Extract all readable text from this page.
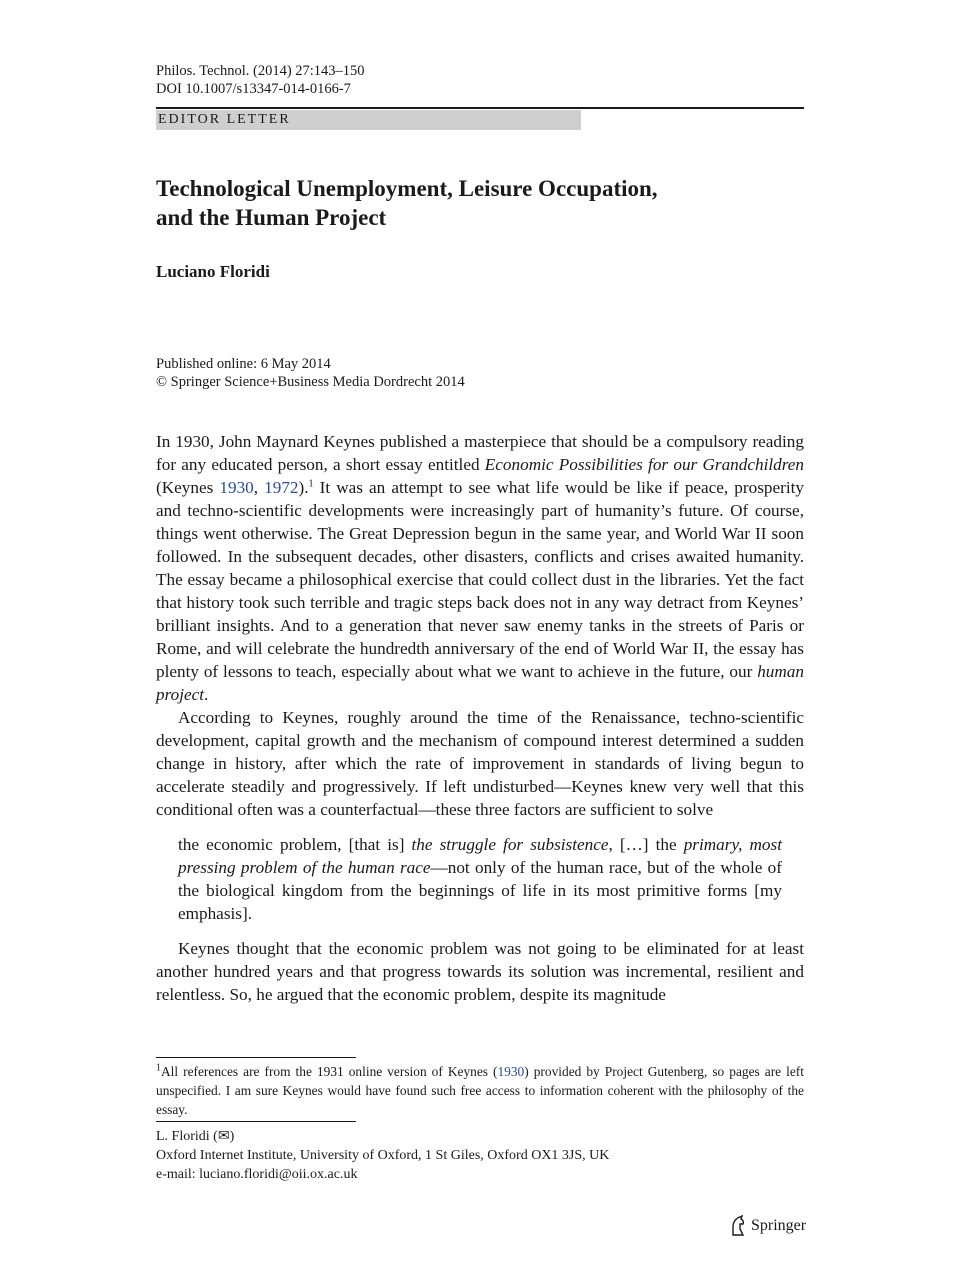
Philos. Technol. (2014) 27:143–150
DOI 10.1007/s13347-014-0166-7
EDITOR LETTER
Technological Unemployment, Leisure Occupation,
and the Human Project
Luciano Floridi
Published online: 6 May 2014
© Springer Science+Business Media Dordrecht 2014

In 1930, John Maynard Keynes published a masterpiece that should be a compulsory reading for any educated person, a short essay entitled Economic Possibilities for our Grandchildren (Keynes 1930, 1972).$^1$ It was an attempt to see what life would be like if peace, prosperity and techno-scientific developments were increasingly part of humanity’s future. Of course, things went otherwise. The Great Depression begun in the same year, and World War II soon followed. In the subsequent decades, other disasters, conflicts and crises awaited humanity. The essay became a philosophical exercise that could collect dust in the libraries. Yet the fact that history took such terrible and tragic steps back does not in any way detract from Keynes’ brilliant insights. And to a generation that never saw enemy tanks in the streets of Paris or Rome, and will celebrate the hundredth anniversary of the end of World War II, the essay has plenty of lessons to teach, especially about what we want to achieve in the future, our human project.

According to Keynes, roughly around the time of the Renaissance, techno-scientific development, capital growth and the mechanism of compound interest determined a sudden change in history, after which the rate of improvement in standards of living begun to accelerate steadily and progressively. If left undisturbed—Keynes knew very well that this conditional often was a counterfactual—these three factors are sufficient to solve

the economic problem, [that is] the struggle for subsistence, […] the primary, most pressing problem of the human race—not only of the human race, but of the whole of the biological kingdom from the beginnings of life in its most primitive forms [my emphasis].

Keynes thought that the economic problem was not going to be eliminated for at least another hundred years and that progress towards its solution was incremental, resilient and relentless. So, he argued that the economic problem, despite its magnitude

$^1$All references are from the 1931 online version of Keynes (1930) provided by Project Gutenberg, so pages are left unspecified. I am sure Keynes would have found such free access to information coherent with the philosophy of the essay.
L. Floridi (✉)
Oxford Internet Institute, University of Oxford, 1 St Giles, Oxford OX1 3JS, UK
e-mail: luciano.floridi@oii.ox.ac.uk
Springer
